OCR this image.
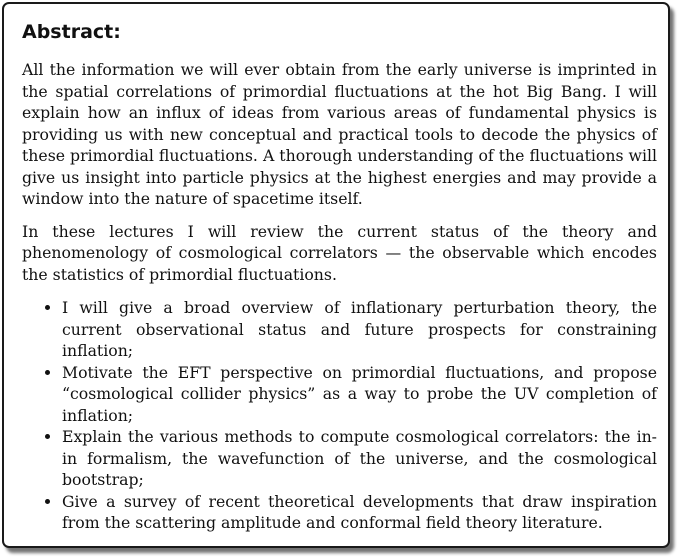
Abstract:

All the information we will ever obtain from the early universe is imprinted in the spatial correlations of primordial fluctuations at the hot Big Bang. I will explain how an influx of ideas from various areas of fundamental physics is providing us with new conceptual and practical tools to decode the physics of these primordial fluctuations. A thorough understanding of the fluctuations will give us insight into particle physics at the highest energies and may provide a window into the nature of spacetime itself.

In these lectures I will review the current status of the theory and phenomenology of cosmological correlators — the observable which encodes the statistics of primordial fluctuations.

• I will give a broad overview of inflationary perturbation theory, the current observational status and future prospects for constraining inflation;
• Motivate the EFT perspective on primordial fluctuations, and propose “cosmological collider physics” as a way to probe the UV completion of inflation;
• Explain the various methods to compute cosmological correlators: the in-in formalism, the wavefunction of the universe, and the cosmological bootstrap;
• Give a survey of recent theoretical developments that draw inspiration from the scattering amplitude and conformal field theory literature.
